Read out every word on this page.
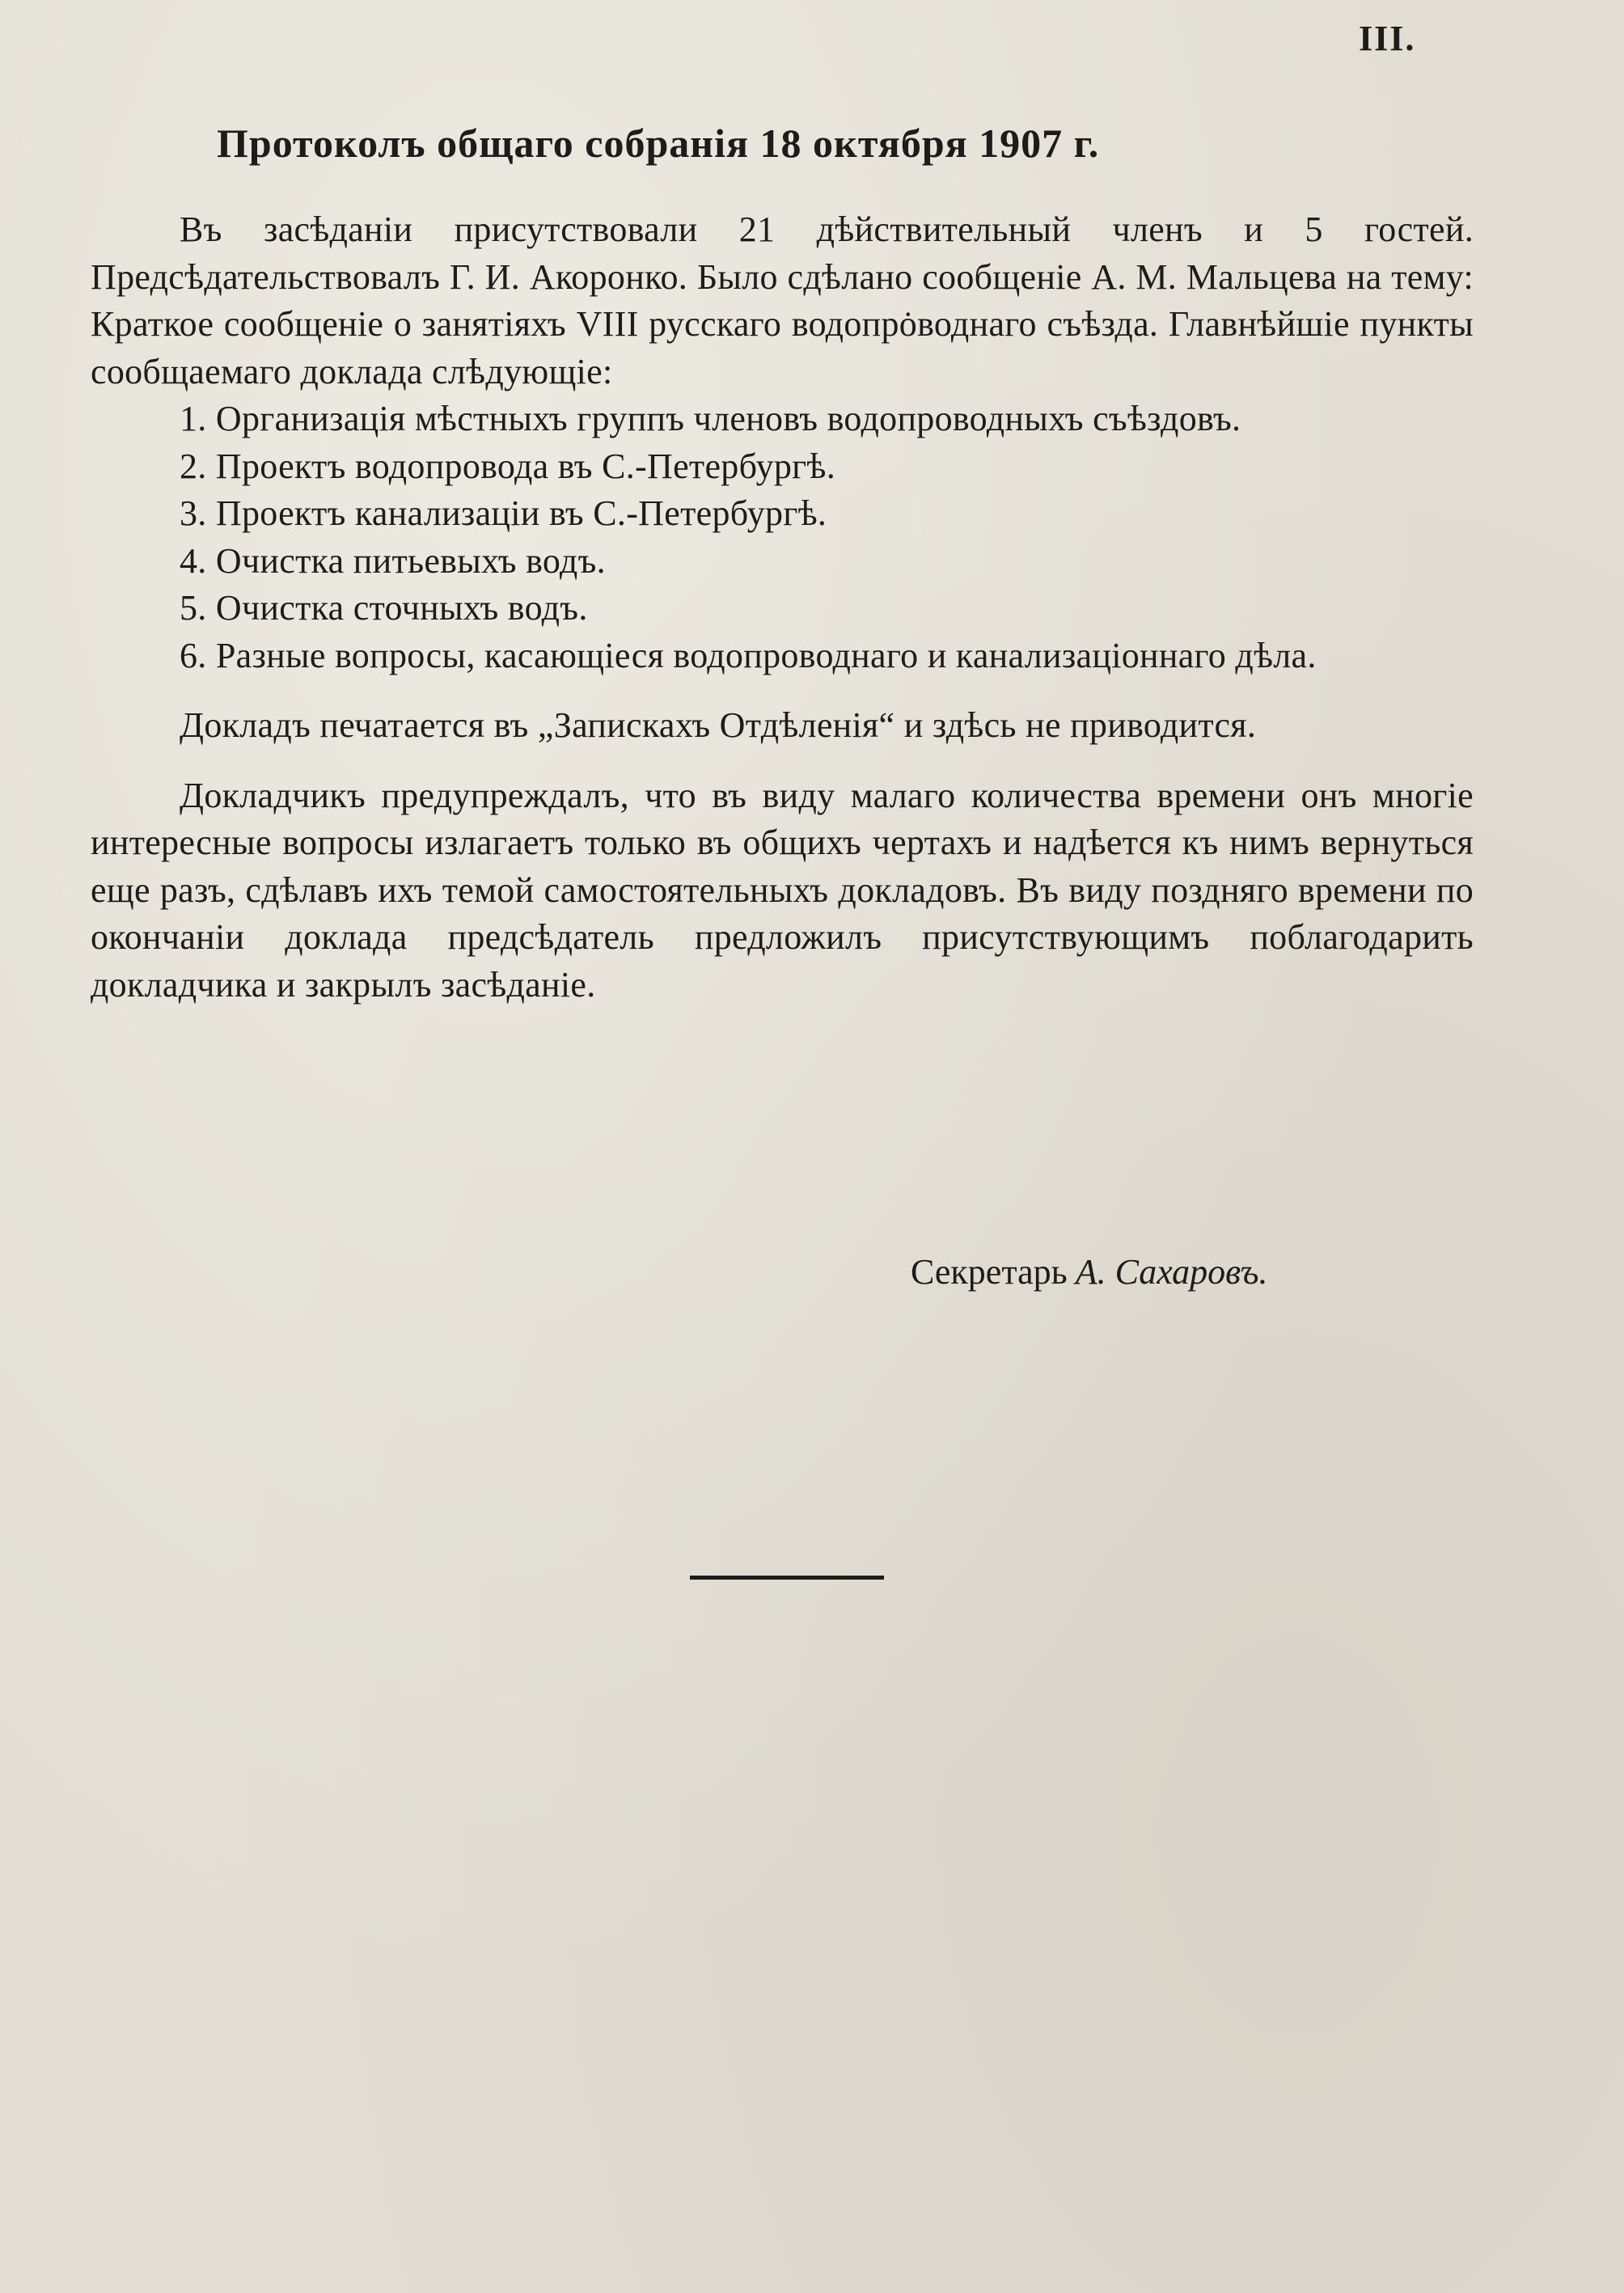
III.
Протоколъ общаго собранія 18 октября 1907 г.

Въ засѣданіи присутствовали 21 дѣйствительный членъ и 5 гостей. Предсѣдательствовалъ Г. И. Акоронко. Было сдѣлано сообщеніе А. М. Мальцева на тему: Краткое сообщеніе о занятіяхъ VIII русскаго водопрȯводнаго съѣзда. Главнѣйшіе пункты сообщаемаго доклада слѣдующіе:

1. Организація мѣстныхъ группъ членовъ водопроводныхъ съѣздовъ.

2. Проектъ водопровода въ С.-Петербургѣ.

3. Проектъ канализаціи въ С.-Петербургѣ.

4. Очистка питьевыхъ водъ.

5. Очистка сточныхъ водъ.

6. Разные вопросы, касающіеся водопроводнаго и канализаціоннаго дѣла.

Докладъ печатается въ „Запискахъ Отдѣленія“ и здѣсь не приводится.

Докладчикъ предупреждалъ, что въ виду малаго количества времени онъ многіе интересные вопросы излагаетъ только въ общихъ чертахъ и надѣется къ нимъ вернуться еще разъ, сдѣлавъ ихъ темой самостоятельныхъ докладовъ. Въ виду поздняго времени по окончаніи доклада предсѣдатель предложилъ присутствующимъ поблагодарить докладчика и закрылъ засѣданіе.

Секретарь А. Сахаровъ.
